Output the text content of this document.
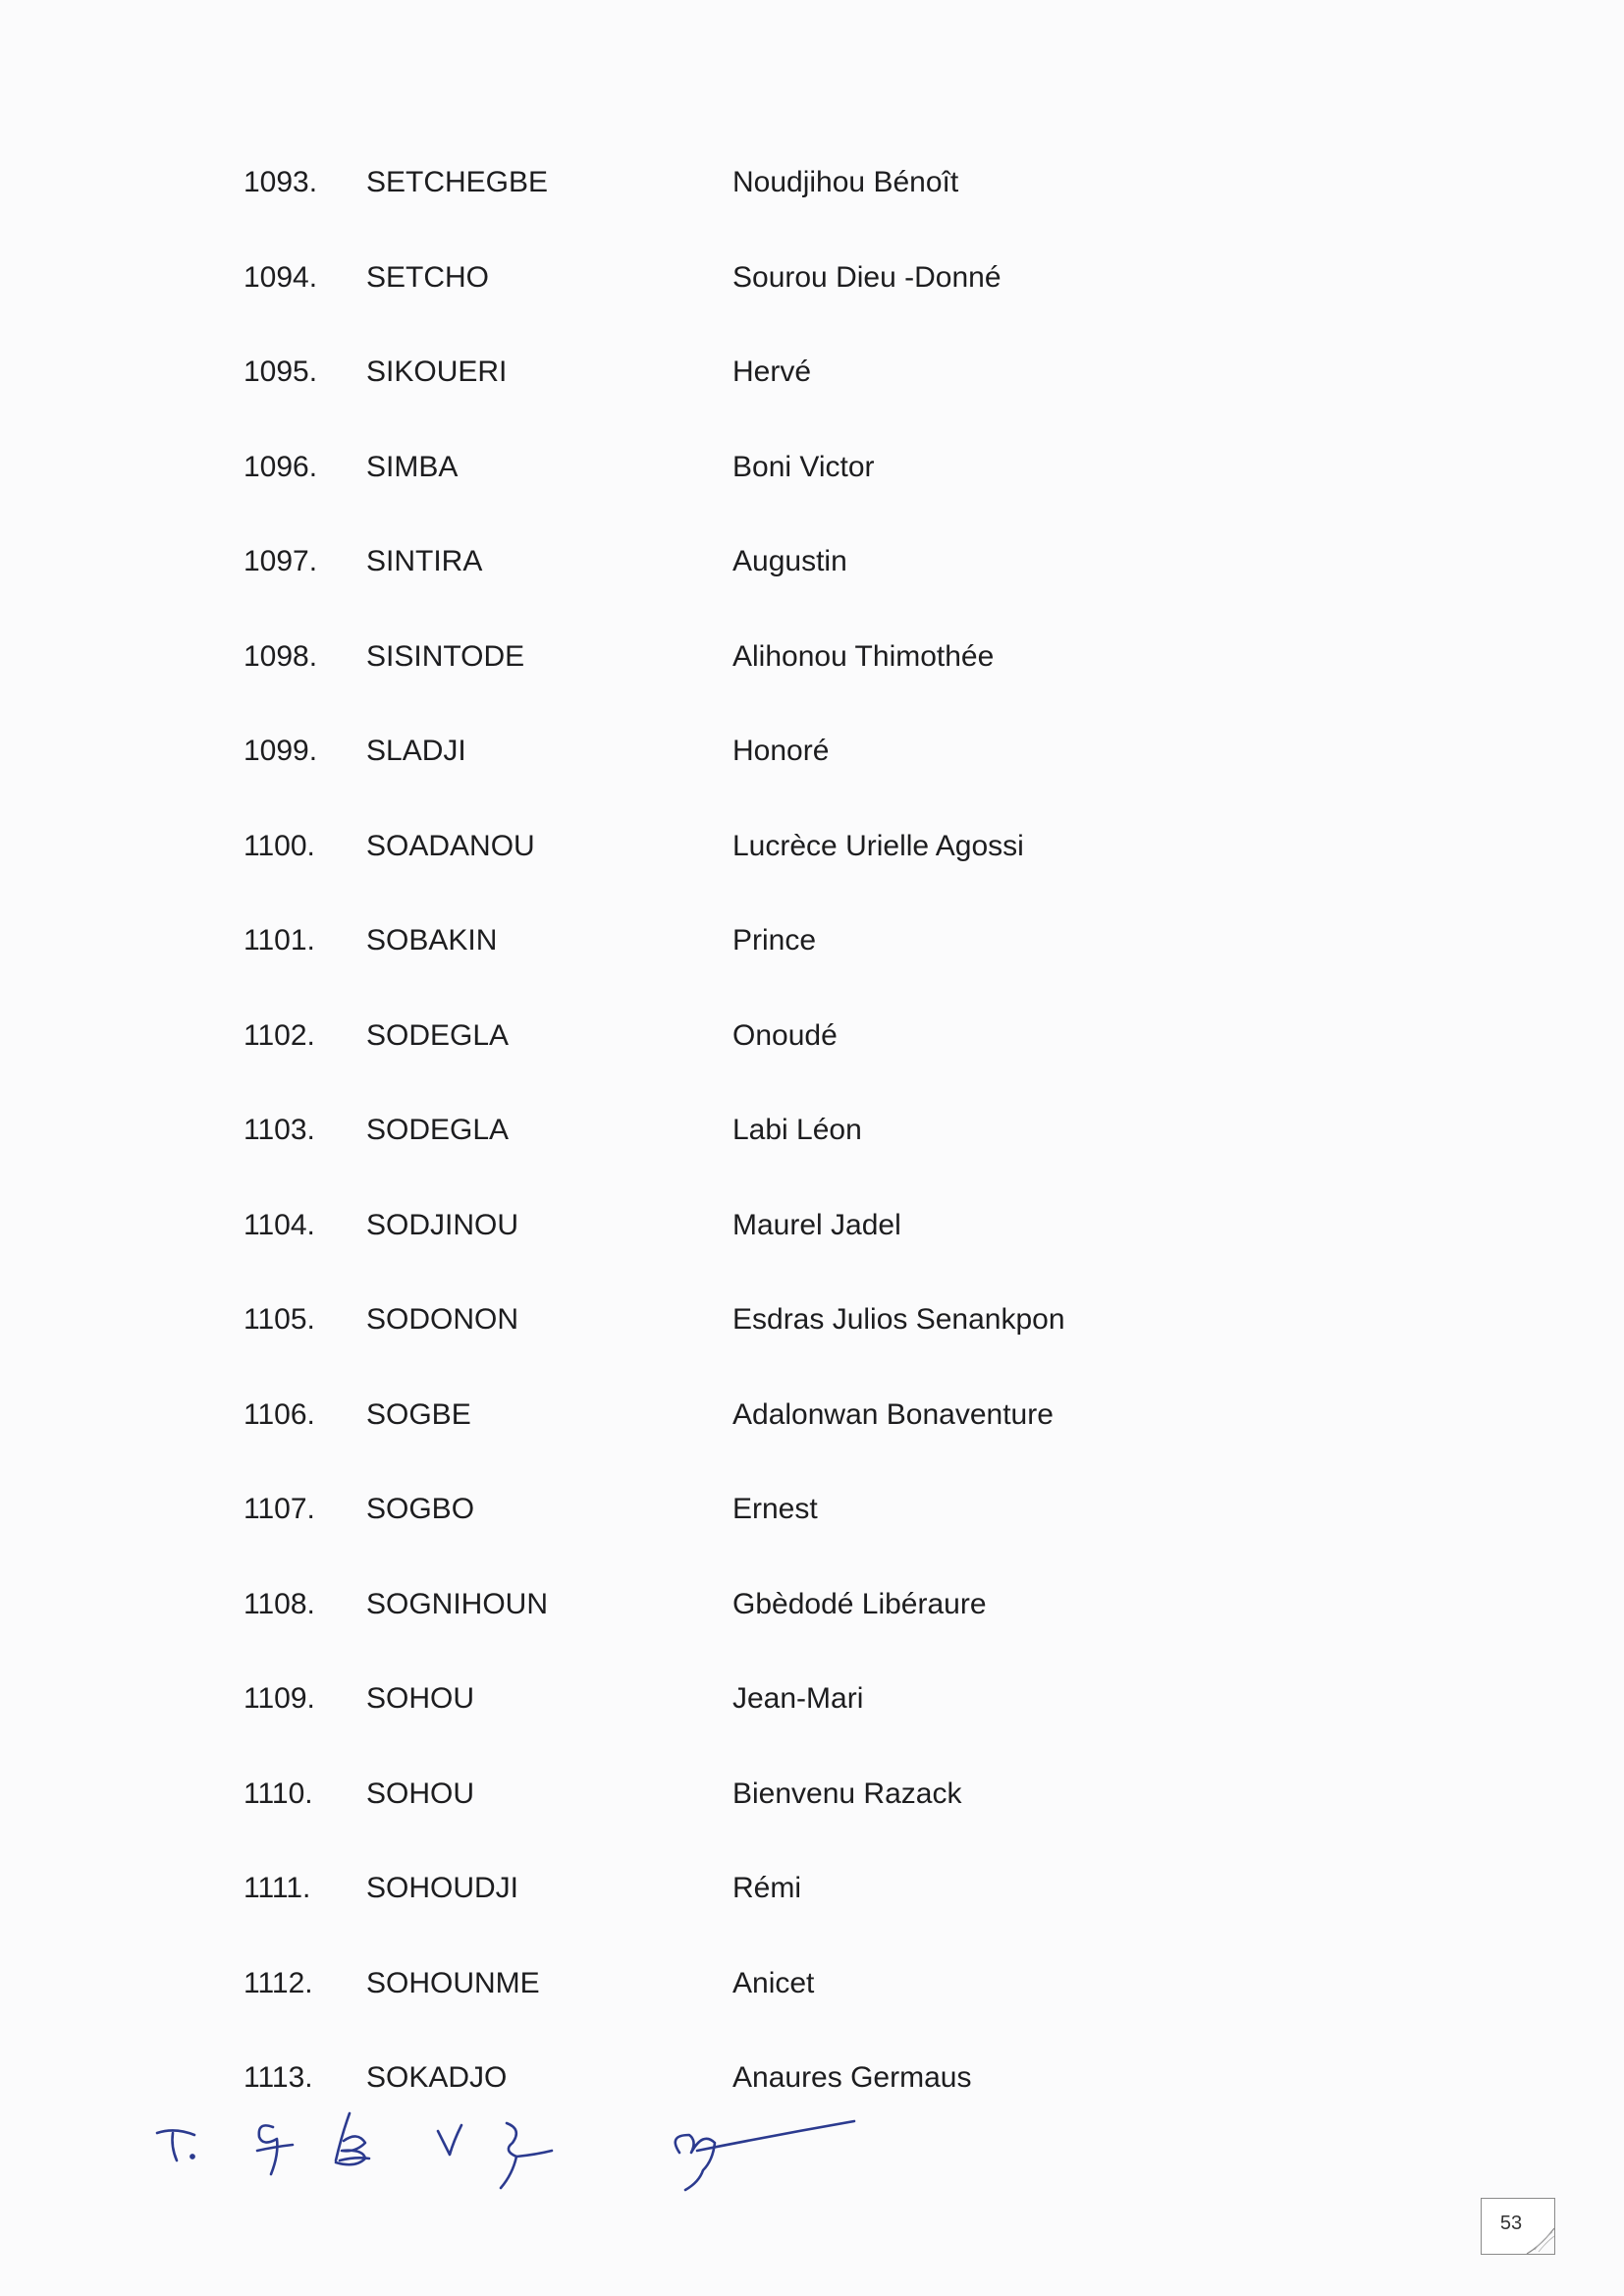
1093. SETCHEGBE	Noudjihou Bénoît
1094. SETCHO	Sourou Dieu -Donné
1095. SIKOUERI	Hervé
1096. SIMBA	Boni Victor
1097. SINTIRA	Augustin
1098. SISINTODE	Alihonou Thimothée
1099. SLADJI	Honoré
1100. SOADANOU	Lucrèce Urielle Agossi
1101. SOBAKIN	Prince
1102. SODEGLA	Onoudé
1103. SODEGLA	Labi Léon
1104. SODJINOU	Maurel Jadel
1105. SODONON	Esdras Julios Senankpon
1106. SOGBE	Adalonwan Bonaventure
1107. SOGBO	Ernest
1108. SOGNIHOUN	Gbèdodé Libéraure
1109. SOHOU	Jean-Mari
1110. SOHOU	Bienvenu Razack
1111. SOHOUDJI	Rémi
1112. SOHOUNME	Anicet
1113. SOKADJO	Anaures Germaus
53
